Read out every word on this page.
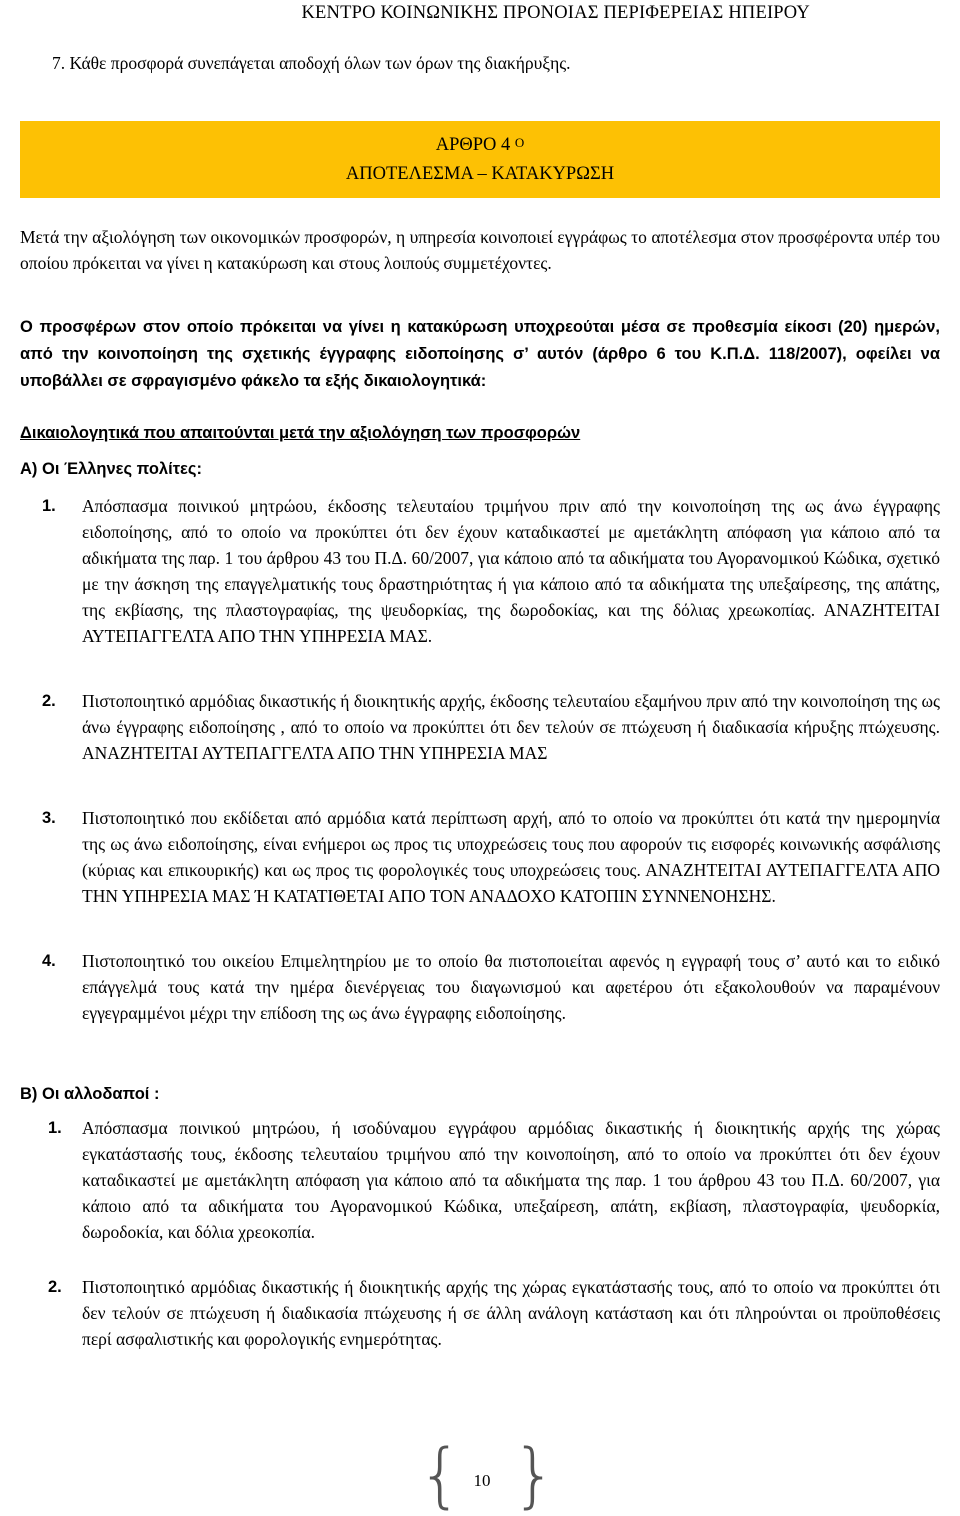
ΚΕΝΤΡΟ ΚΟΙΝΩΝΙΚΗΣ ΠΡΟΝΟΙΑΣ ΠΕΡΙΦΕΡΕΙΑΣ ΗΠΕΙΡΟΥ
7. Κάθε προσφορά συνεπάγεται αποδοχή όλων των όρων της διακήρυξης.
ΑΡΘΡΟ 4 $^O$
ΑΠΟΤΕΛΕΣΜΑ – ΚΑΤΑΚΥΡΩΣΗ
Μετά την αξιολόγηση των οικονομικών προσφορών, η υπηρεσία κοινοποιεί εγγράφως το αποτέλεσμα στον προσφέροντα υπέρ του οποίου πρόκειται να γίνει η κατακύρωση και στους λοιπούς συμμετέχοντες.
Ο προσφέρων στον οποίο πρόκειται να γίνει η κατακύρωση υποχρεούται μέσα σε προθεσμία είκοσι (20) ημερών, από την κοινοποίηση της σχετικής έγγραφης ειδοποίησης σ’ αυτόν (άρθρο 6 του Κ.Π.Δ. 118/2007), οφείλει να υποβάλλει σε σφραγισμένο φάκελο τα εξής δικαιολογητικά:
Δικαιολογητικά που απαιτούνται μετά την αξιολόγηση των προσφορών
Α) Οι Έλληνες πολίτες:
1. Απόσπασμα ποινικού μητρώου, έκδοσης τελευταίου τριμήνου πριν από την κοινοποίηση της ως άνω έγγραφης ειδοποίησης, από το οποίο να προκύπτει ότι δεν έχουν καταδικαστεί με αμετάκλητη απόφαση για κάποιο από τα αδικήματα της παρ. 1 του άρθρου 43 του Π.Δ. 60/2007, για κάποιο από τα αδικήματα του Αγορανομικού Κώδικα, σχετικό με την άσκηση της επαγγελματικής τους δραστηριότητας ή για κάποιο από τα αδικήματα της υπεξαίρεσης, της απάτης, της εκβίασης, της πλαστογραφίας, της ψευδορκίας, της δωροδοκίας, και της δόλιας χρεωκοπίας. ΑΝΑΖΗΤΕΙΤΑΙ ΑΥΤΕΠΑΓΓΕΛΤΑ ΑΠΟ ΤΗΝ ΥΠΗΡΕΣΙΑ ΜΑΣ.
2. Πιστοποιητικό αρμόδιας δικαστικής ή διοικητικής αρχής, έκδοσης τελευταίου εξαμήνου πριν από την κοινοποίηση της ως άνω έγγραφης ειδοποίησης , από το οποίο να προκύπτει ότι δεν τελούν σε πτώχευση ή διαδικασία κήρυξης πτώχευσης. ΑΝΑΖΗΤΕΙΤΑΙ ΑΥΤΕΠΑΓΓΕΛΤΑ ΑΠΟ ΤΗΝ ΥΠΗΡΕΣΙΑ ΜΑΣ
3. Πιστοποιητικό που εκδίδεται από αρμόδια κατά περίπτωση αρχή, από το οποίο να προκύπτει ότι κατά την ημερομηνία της ως άνω ειδοποίησης, είναι ενήμεροι ως προς τις υποχρεώσεις τους που αφορούν τις εισφορές κοινωνικής ασφάλισης (κύριας και επικουρικής) και ως προς τις φορολογικές τους υποχρεώσεις τους. ΑΝΑΖΗΤΕΙΤΑΙ ΑΥΤΕΠΑΓΓΕΛΤΑ ΑΠΟ ΤΗΝ ΥΠΗΡΕΣΙΑ ΜΑΣ Ή ΚΑΤΑΤΙΘΕΤΑΙ ΑΠΟ ΤΟΝ ΑΝΑΔΟΧΟ ΚΑΤΟΠΙΝ ΣΥΝΝΕΝΟΗΣΗΣ.
4. Πιστοποιητικό του οικείου Επιμελητηρίου με το οποίο θα πιστοποιείται αφενός η εγγραφή τους σ’ αυτό και το ειδικό επάγγελμά τους κατά την ημέρα διενέργειας του διαγωνισμού και αφετέρου ότι εξακολουθούν να παραμένουν εγγεγραμμένοι μέχρι την επίδοση της ως άνω έγγραφης ειδοποίησης.
Β) Οι αλλοδαποί :
1. Απόσπασμα ποινικού μητρώου, ή ισοδύναμου εγγράφου αρμόδιας δικαστικής ή διοικητικής αρχής της χώρας εγκατάστασής τους, έκδοσης τελευταίου τριμήνου από την κοινοποίηση, από το οποίο να προκύπτει ότι δεν έχουν καταδικαστεί με αμετάκλητη απόφαση για κάποιο από τα αδικήματα της παρ. 1 του άρθρου 43 του Π.Δ. 60/2007, για κάποιο από τα αδικήματα του Αγορανομικού Κώδικα, υπεξαίρεση, απάτη, εκβίαση, πλαστογραφία, ψευδορκία, δωροδοκία, και δόλια χρεοκοπία.
2. Πιστοποιητικό αρμόδιας δικαστικής ή διοικητικής αρχής της χώρας εγκατάστασής τους, από το οποίο να προκύπτει ότι δεν τελούν σε πτώχευση ή διαδικασία πτώχευσης ή σε άλλη ανάλογη κατάσταση και ότι πληρούνται οι προϋποθέσεις περί ασφαλιστικής και φορολογικής ενημερότητας.
{ }
10
